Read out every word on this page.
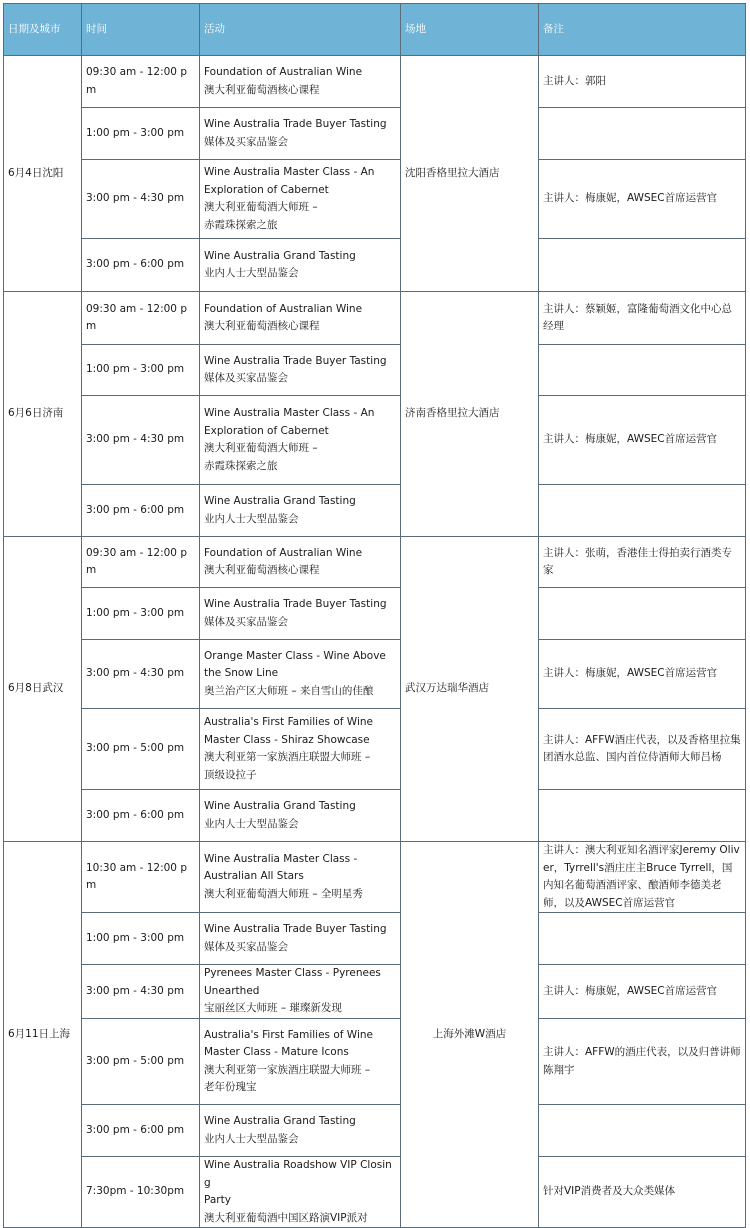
日期及城市	时间	活动	场地	备注
6月4日沈阳	09:30 am - 12:00 pm	Foundation of Australian Wine
澳大利亚葡萄酒核心课程	沈阳香格里拉大酒店	主讲人：郭阳
	1:00 pm - 3:00 pm	Wine Australia Trade Buyer Tasting
媒体及买家品鉴会		

	3:00 pm - 4:30 pm	Wine Australia Master Class - An
Exploration of Cabernet
澳大利亚葡萄酒大师班 –
赤霞珠探索之旅		主讲人：梅康妮，AWSEC首席运营官
	3:00 pm - 6:00 pm	Wine Australia Grand Tasting
业内人士大型品鉴会		

6月6日济南	09:30 am - 12:00 pm	Foundation of Australian Wine
澳大利亚葡萄酒核心课程	济南香格里拉大酒店	主讲人：蔡颖姬，富隆葡萄酒文化中心总经理
	1:00 pm - 3:00 pm	Wine Australia Trade Buyer Tasting
媒体及买家品鉴会		

	3:00 pm - 4:30 pm	Wine Australia Master Class - An
Exploration of Cabernet
澳大利亚葡萄酒大师班 –
赤霞珠探索之旅		主讲人：梅康妮，AWSEC首席运营官
	3:00 pm - 6:00 pm	Wine Australia Grand Tasting
业内人士大型品鉴会		

6月8日武汉	09:30 am - 12:00 pm	Foundation of Australian Wine
澳大利亚葡萄酒核心课程	武汉万达瑞华酒店	主讲人：张萌，香港佳士得拍卖行酒类专家
	1:00 pm - 3:00 pm	Wine Australia Trade Buyer Tasting
媒体及买家品鉴会		

	3:00 pm - 4:30 pm	Orange Master Class - Wine Above
the Snow Line
奥兰治产区大师班 – 来自雪山的佳酿		主讲人：梅康妮，AWSEC首席运营官
	3:00 pm - 5:00 pm	Australia's First Families of Wine
Master Class - Shiraz Showcase
澳大利亚第一家族酒庄联盟大师班 –
顶级设拉子		主讲人：AFFW酒庄代表，以及香格里拉集团酒水总监、国内首位侍酒师大师吕杨
	3:00 pm - 6:00 pm	Wine Australia Grand Tasting
业内人士大型品鉴会		

6月11日上海	10:30 am - 12:00 pm	Wine Australia Master Class -
Australian All Stars
澳大利亚葡萄酒大师班 – 全明星秀	上海外滩W酒店	主讲人：澳大利亚知名酒评家Jeremy Oliver，Tyrrell's酒庄庄主Bruce Tyrrell，国内知名葡萄酒酒评家、酿酒师李德美老师，以及AWSEC首席运营官
	1:00 pm - 3:00 pm	Wine Australia Trade Buyer Tasting
媒体及买家品鉴会		

	3:00 pm - 4:30 pm	Pyrenees Master Class - Pyrenees
Unearthed
宝丽丝区大师班 – 璀璨新发现		主讲人：梅康妮，AWSEC首席运营官
	3:00 pm - 5:00 pm	Australia's First Families of Wine
Master Class - Mature Icons
澳大利亚第一家族酒庄联盟大师班 –
老年份瑰宝		主讲人：AFFW的酒庄代表，以及归普讲师陈翔宇
	3:00 pm - 6:00 pm	Wine Australia Grand Tasting
业内人士大型品鉴会		

	7:30pm - 10:30pm	Wine Australia Roadshow VIP Closing
Party
澳大利亚葡萄酒中国区路演VIP派对		针对VIP消费者及大众类媒体
